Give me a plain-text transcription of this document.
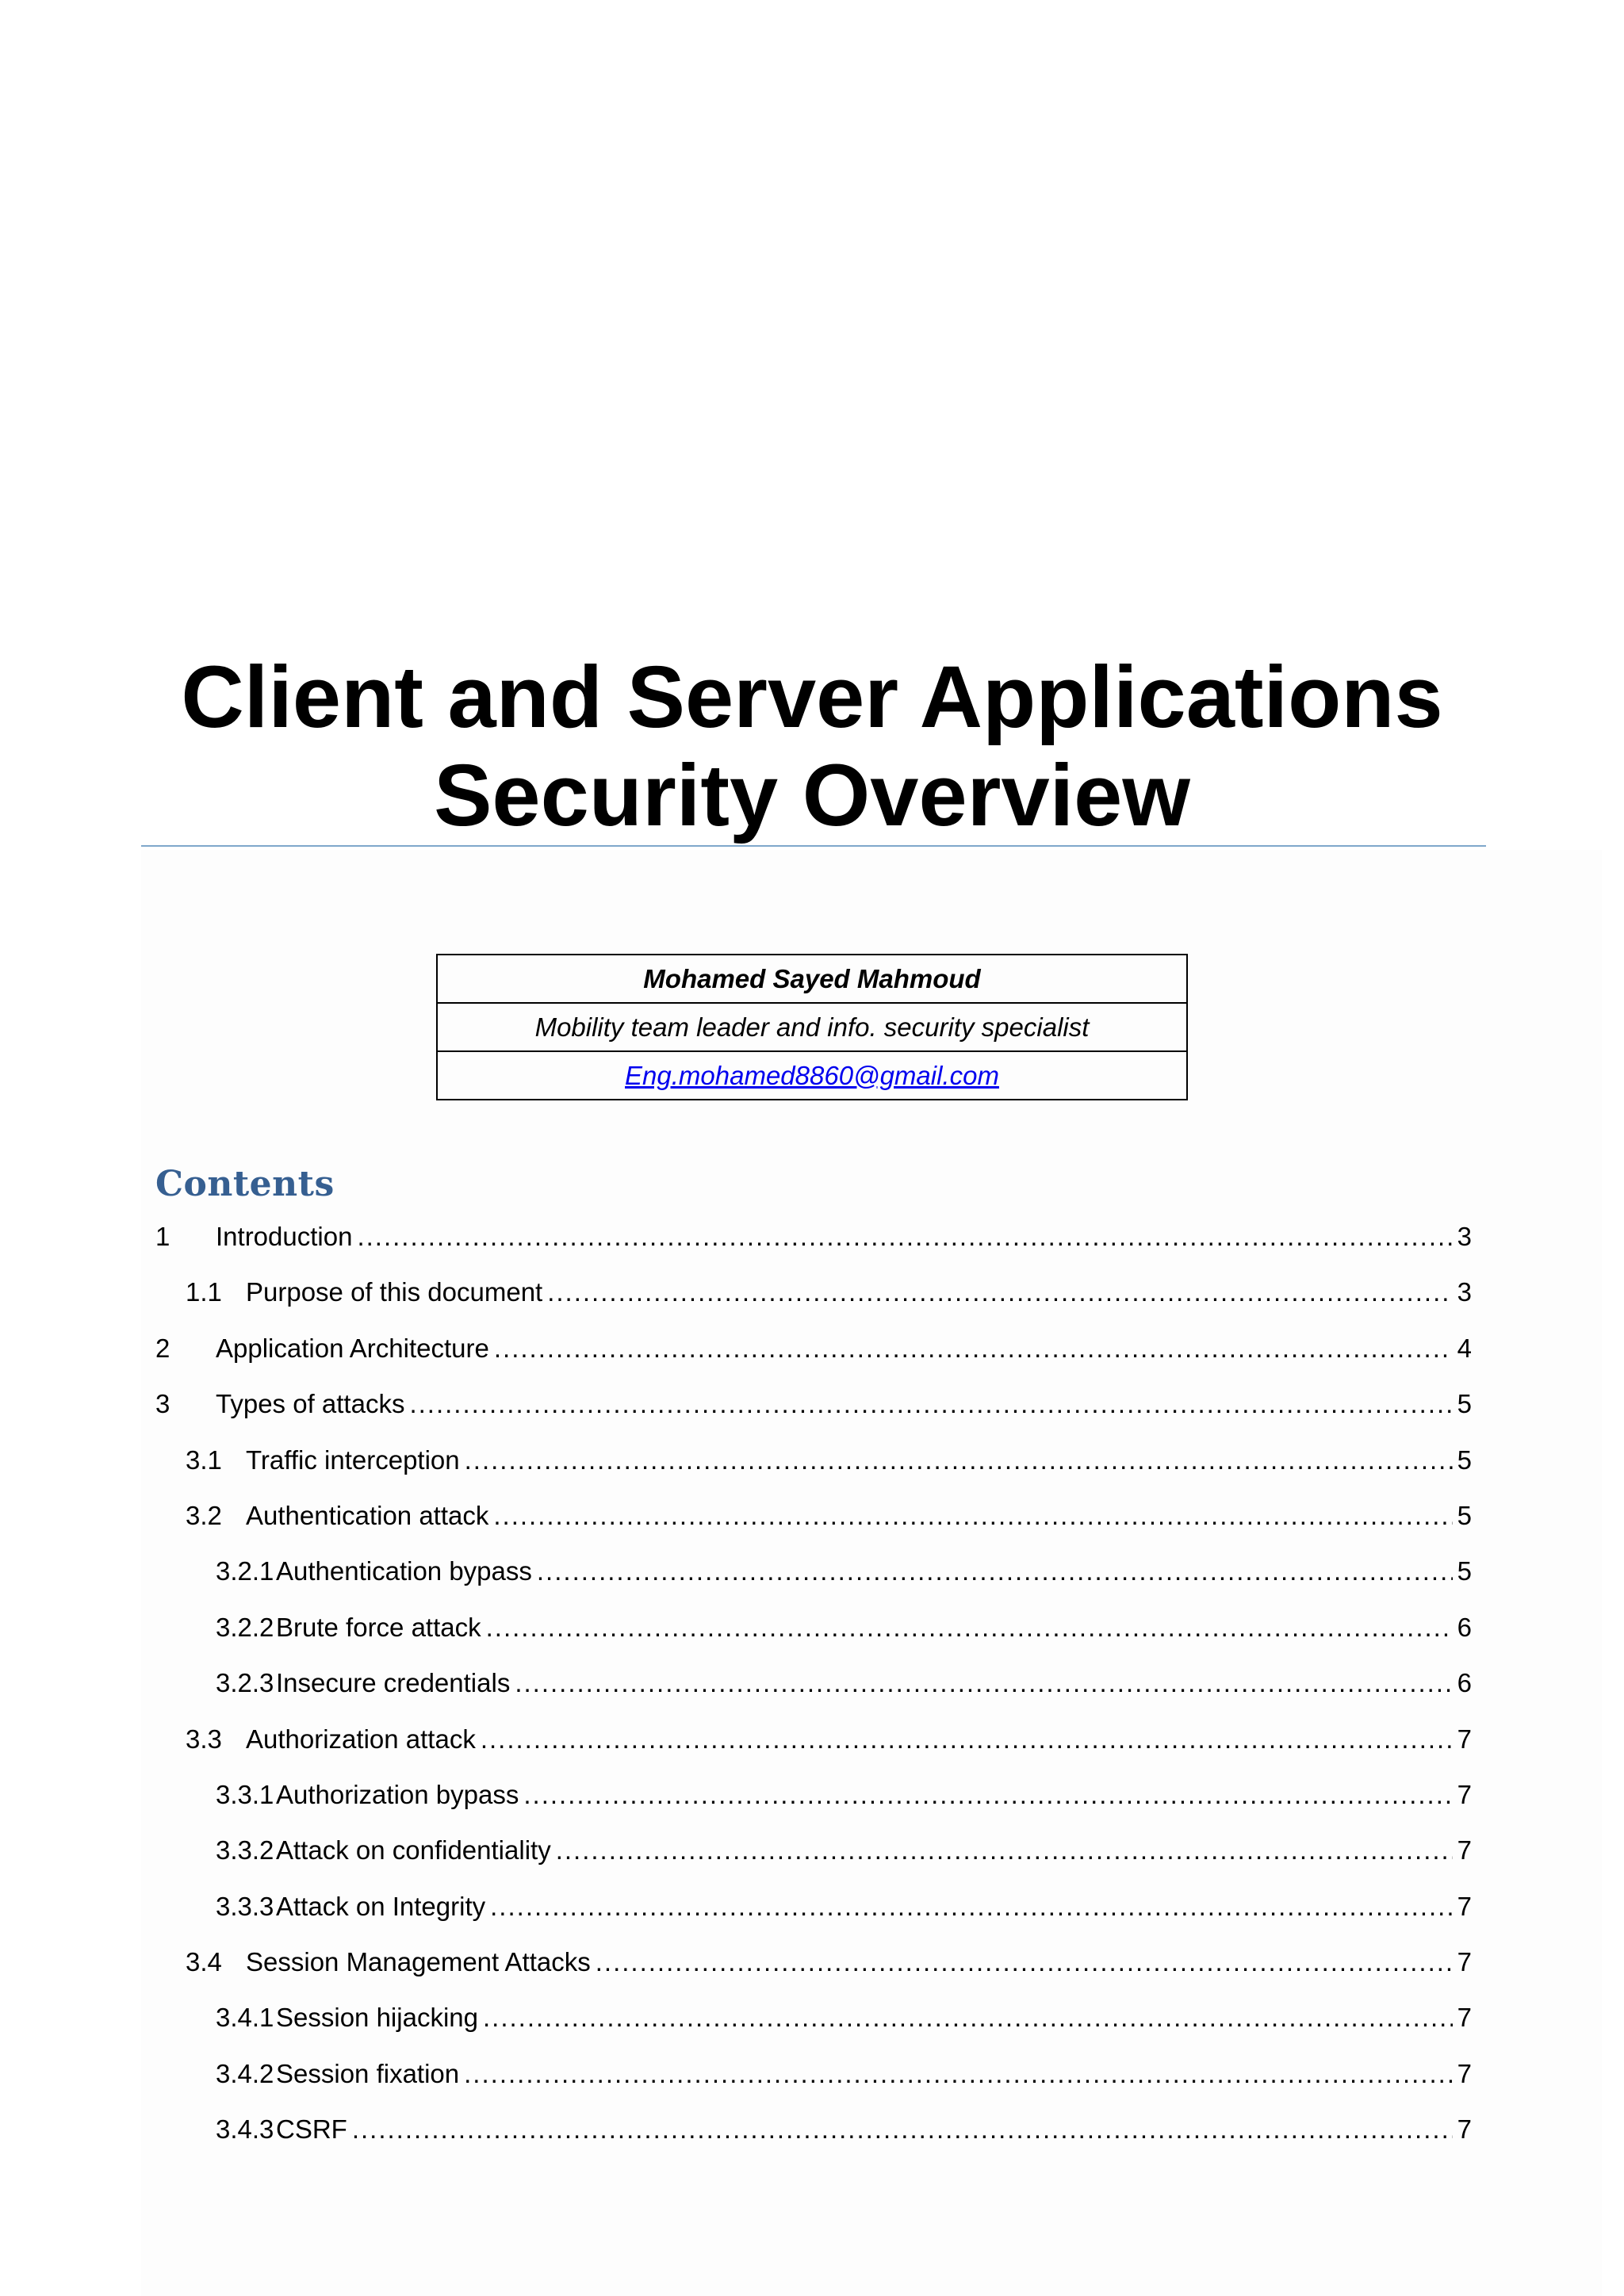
Client and Server Applications
Security Overview
Mohamed Sayed Mahmoud
Mobility team leader and info. security specialist
Eng.mohamed8860@gmail.com
Contents
1	Introduction .....	3
1.1 Purpose of this document .....	3
2	Application Architecture .....	4
3	Types of attacks .....	5
3.1 Traffic interception .....	5
3.2 Authentication attack .....	5
3.2.1 Authentication bypass .....	5
3.2.2 Brute force attack .....	6
3.2.3 Insecure credentials .....	6
3.3 Authorization attack .....	7
3.3.1 Authorization bypass .....	7
3.3.2 Attack on confidentiality .....	7
3.3.3 Attack on Integrity .....	7
3.4 Session Management Attacks .....	7
3.4.1 Session hijacking .....	7
3.4.2 Session fixation .....	7
3.4.3 CSRF .....	7
